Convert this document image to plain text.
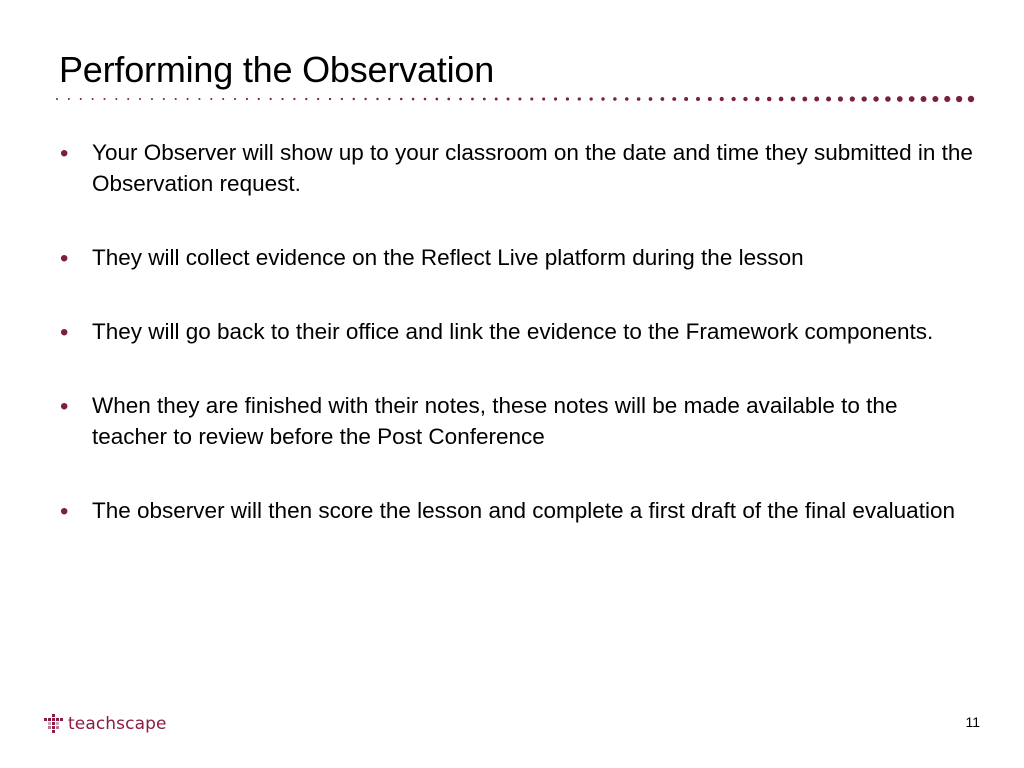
Performing the Observation
• Your Observer will show up to your classroom on the date and time they submitted in the Observation request.
• They will collect evidence on the Reflect Live platform during the lesson
• They will go back to their office and link the evidence to the Framework components.
• When they are finished with their notes, these notes will be made available to the teacher to review before the Post Conference
• The observer will then score the lesson and complete a first draft of the final evaluation
teachscape	11
